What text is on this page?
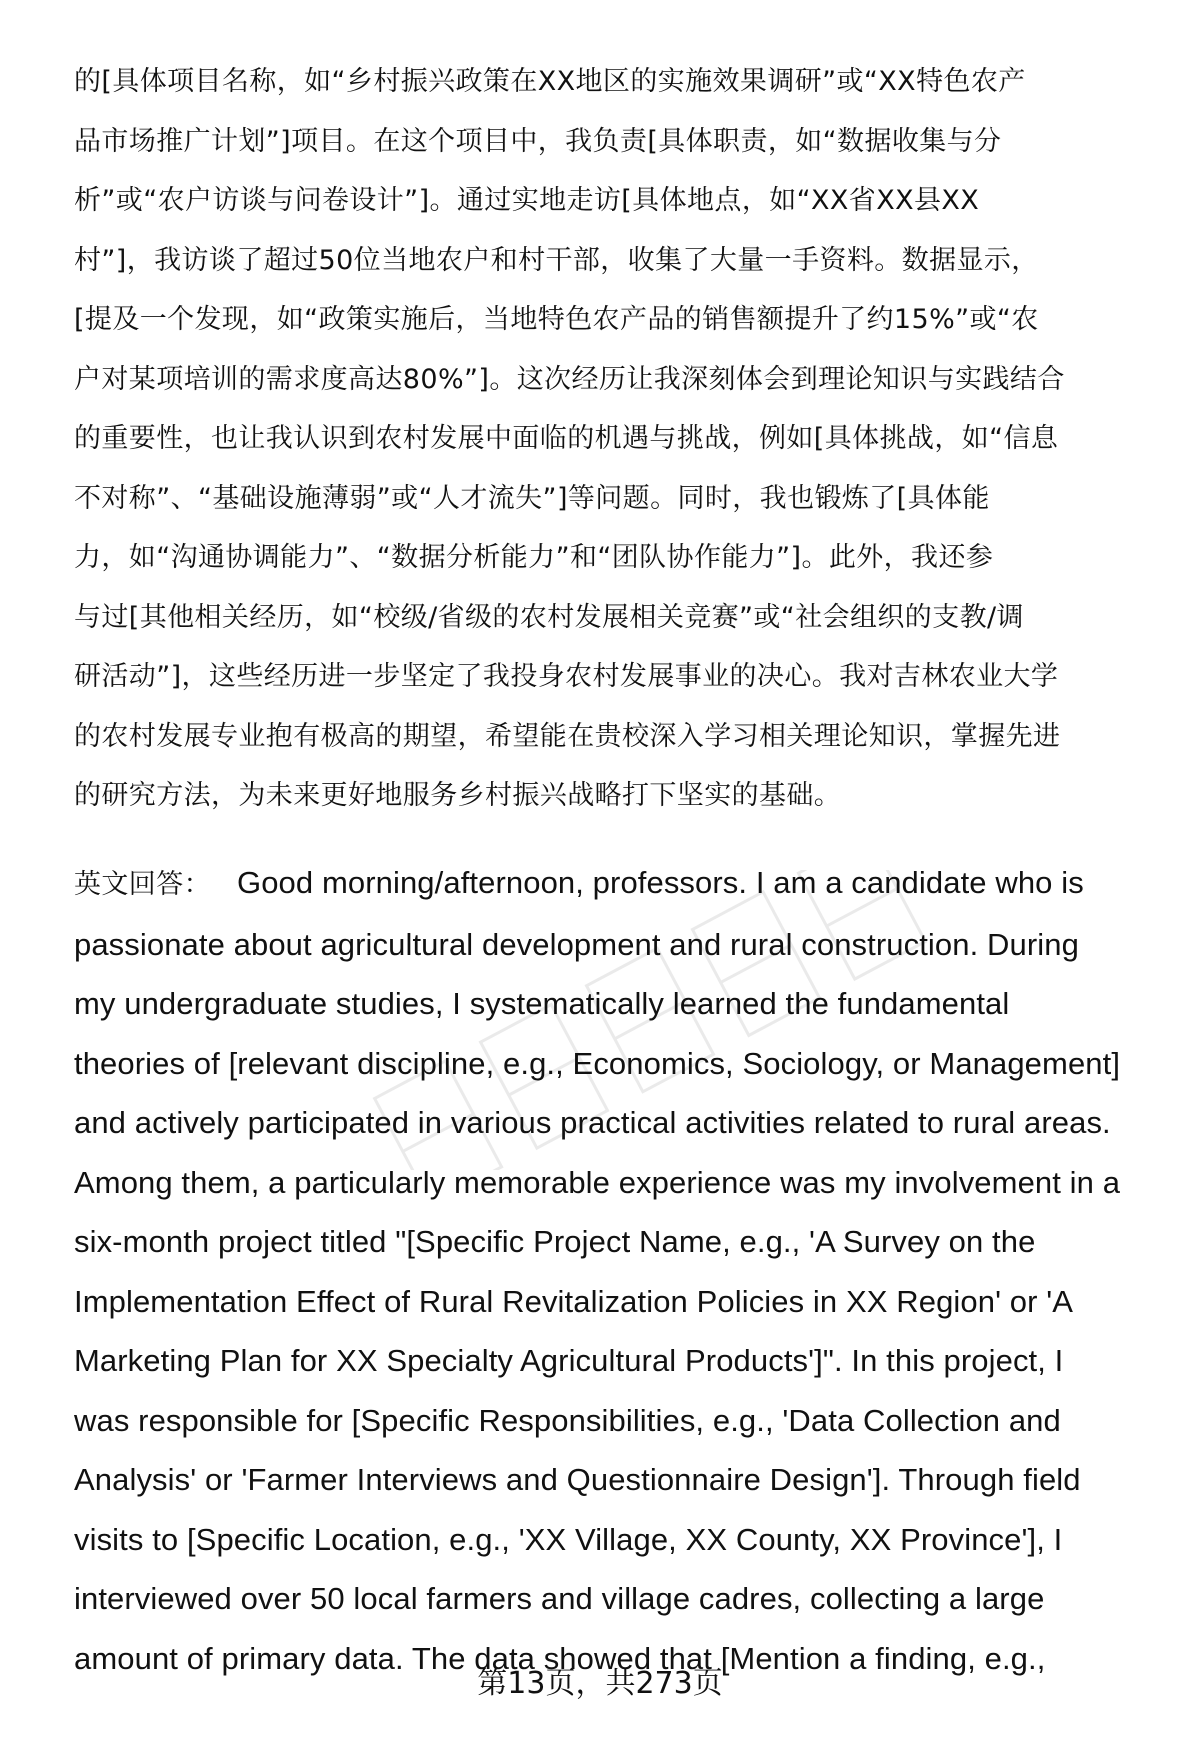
的[具体项目名称，如“乡村振兴政策在XX地区的实施效果调研”或“XX特色农产
品市场推广计划”]项目。在这个项目中，我负责[具体职责，如“数据收集与分
析”或“农户访谈与问卷设计”]。通过实地走访[具体地点，如“XX省XX县XX
村”]，我访谈了超过50位当地农户和村干部，收集了大量一手资料。数据显示，
[提及一个发现，如“政策实施后，当地特色农产品的销售额提升了约15%”或“农
户对某项培训的需求度高达80%”]。这次经历让我深刻体会到理论知识与实践结合
的重要性，也让我认识到农村发展中面临的机遇与挑战，例如[具体挑战，如“信息
不对称”、“基础设施薄弱”或“人才流失”]等问题。同时，我也锻炼了[具体能
力，如“沟通协调能力”、“数据分析能力”和“团队协作能力”]。此外，我还参
与过[其他相关经历，如“校级/省级的农村发展相关竞赛”或“社会组织的支教/调
研活动”]，这些经历进一步坚定了我投身农村发展事业的决心。我对吉林农业大学
的农村发展专业抱有极高的期望，希望能在贵校深入学习相关理论知识，掌握先进
的研究方法，为未来更好地服务乡村振兴战略打下坚实的基础。
英文回答： Good morning/afternoon, professors. I am a candidate who is
passionate about agricultural development and rural construction. During
my undergraduate studies, I systematically learned the fundamental
theories of [relevant discipline, e.g., Economics, Sociology, or Management]
and actively participated in various practical activities related to rural areas.
Among them, a particularly memorable experience was my involvement in a
six-month project titled "[Specific Project Name, e.g., 'A Survey on the
Implementation Effect of Rural Revitalization Policies in XX Region' or 'A
Marketing Plan for XX Specialty Agricultural Products']". In this project, I
was responsible for [Specific Responsibilities, e.g., 'Data Collection and
Analysis' or 'Farmer Interviews and Questionnaire Design']. Through field
visits to [Specific Location, e.g., 'XX Village, XX County, XX Province'], I
interviewed over 50 local farmers and village cadres, collecting a large
amount of primary data. The data showed that [Mention a finding, e.g.,
第13页，共273页
